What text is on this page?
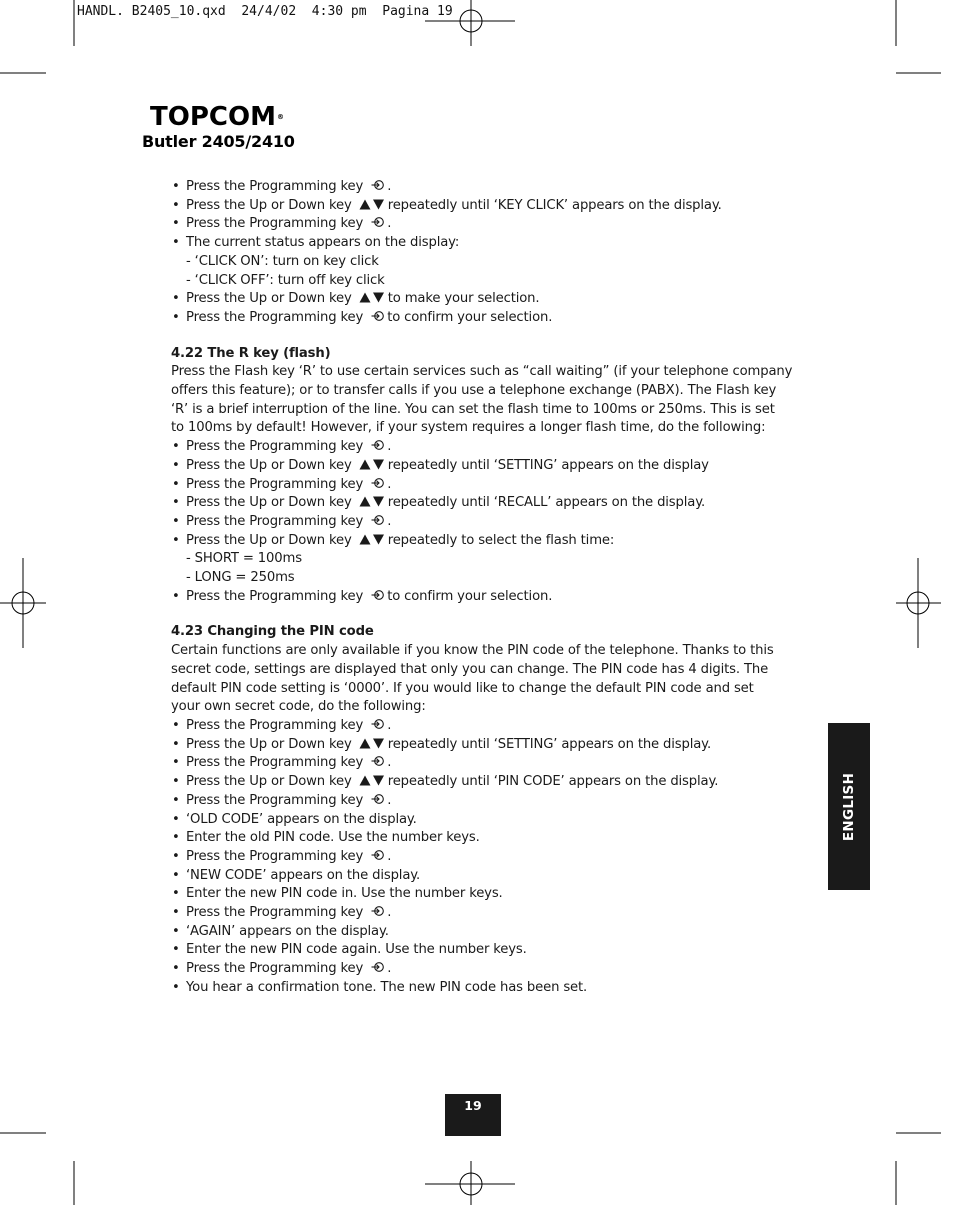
HANDL. B2405_10.qxd  24/4/02  4:30 pm  Pagina 19
TOPCOM®
Butler 2405/2410
• Press the Programming key .
• Press the Up or Down key	repeatedly until ‘KEY CLICK’ appears on the display.
• Press the Programming key .
• The current status appears on the display:
- ‘CLICK ON’: turn on key click
- ‘CLICK OFF’: turn off key click
• Press the Up or Down key	to make your selection.
• Press the Programming key to confirm your selection.
4.22 The R key (flash)
Press the Flash key ‘R’ to use certain services such as “call waiting” (if your telephone company
offers this feature); or to transfer calls if you use a telephone exchange (PABX). The Flash key
‘R’ is a brief interruption of the line. You can set the flash time to 100ms or 250ms. This is set
to 100ms by default! However, if your system requires a longer flash time, do the following:
• Press the Programming key .
• Press the Up or Down key	repeatedly until ‘SETTING’ appears on the display
• Press the Programming key .
• Press the Up or Down key	repeatedly until ‘RECALL’ appears on the display.
• Press the Programming key .
• Press the Up or Down key	repeatedly to select the flash time:
- SHORT = 100ms
- LONG = 250ms
• Press the Programming key to confirm your selection.
4.23 Changing the PIN code
Certain functions are only available if you know the PIN code of the telephone. Thanks to this
secret code, settings are displayed that only you can change. The PIN code has 4 digits. The
default PIN code setting is ‘0000’. If you would like to change the default PIN code and set
your own secret code, do the following:
• Press the Programming key .
• Press the Up or Down key	repeatedly until ‘SETTING’ appears on the display.
• Press the Programming key .
• Press the Up or Down key	repeatedly until ‘PIN CODE’ appears on the display.
• Press the Programming key .
• ‘OLD CODE’ appears on the display.
• Enter the old PIN code. Use the number keys.
• Press the Programming key .
• ‘NEW CODE’ appears on the display.
• Enter the new PIN code in. Use the number keys.
• Press the Programming key .
• ‘AGAIN’ appears on the display.
• Enter the new PIN code again. Use the number keys.
• Press the Programming key .
• You hear a confirmation tone. The new PIN code has been set.
ENGLISH
19
